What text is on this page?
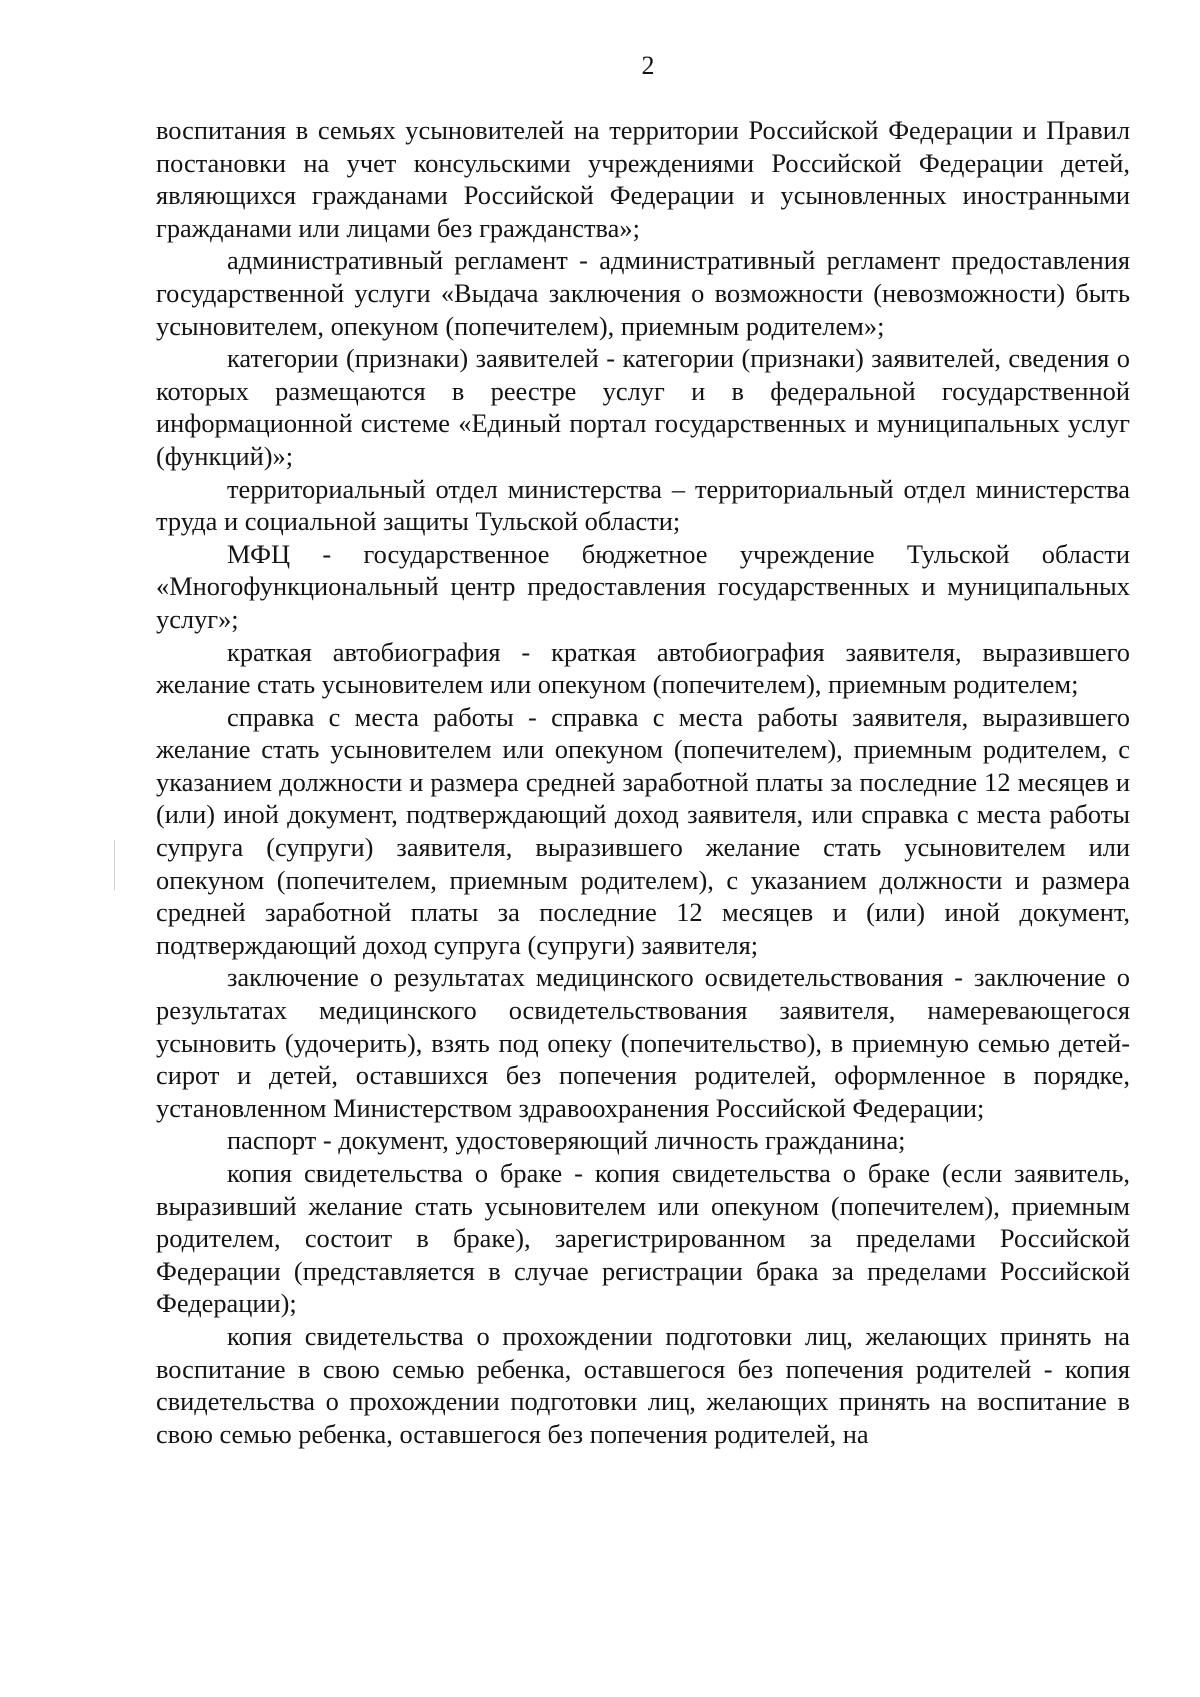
2

воспитания в семьях усыновителей на территории Российской Федерации и Правил постановки на учет консульскими учреждениями Российской Федерации детей, являющихся гражданами Российской Федерации и усыновленных иностранными гражданами или лицами без гражданства»;

административный регламент - административный регламент предоставления государственной услуги «Выдача заключения о возможности (невозможности) быть усыновителем, опекуном (попечителем), приемным родителем»;

категории (признаки) заявителей - категории (признаки) заявителей, сведения о которых размещаются в реестре услуг и в федеральной государственной информационной системе «Единый портал государственных и муниципальных услуг (функций)»;

территориальный отдел министерства – территориальный отдел министерства труда и социальной защиты Тульской области;

МФЦ - государственное бюджетное учреждение Тульской области «Многофункциональный центр предоставления государственных и муниципальных услуг»;

краткая автобиография - краткая автобиография заявителя, выразившего желание стать усыновителем или опекуном (попечителем), приемным родителем;

справка с места работы - справка с места работы заявителя, выразившего желание стать усыновителем или опекуном (попечителем), приемным родителем, с указанием должности и размера средней заработной платы за последние 12 месяцев и (или) иной документ, подтверждающий доход заявителя, или справка с места работы супруга (супруги) заявителя, выразившего желание стать усыновителем или опекуном (попечителем, приемным родителем), с указанием должности и размера средней заработной платы за последние 12 месяцев и (или) иной документ, подтверждающий доход супруга (супруги) заявителя;

заключение о результатах медицинского освидетельствования - заключение о результатах медицинского освидетельствования заявителя, намеревающегося усыновить (удочерить), взять под опеку (попечительство), в приемную семью детей-сирот и детей, оставшихся без попечения родителей, оформленное в порядке, установленном Министерством здравоохранения Российской Федерации;

паспорт - документ, удостоверяющий личность гражданина;

копия свидетельства о браке - копия свидетельства о браке (если заявитель, выразивший желание стать усыновителем или опекуном (попечителем), приемным родителем, состоит в браке), зарегистрированном за пределами Российской Федерации (представляется в случае регистрации брака за пределами Российской Федерации);

копия свидетельства о прохождении подготовки лиц, желающих принять на воспитание в свою семью ребенка, оставшегося без попечения родителей - копия свидетельства о прохождении подготовки лиц, желающих принять на воспитание в свою семью ребенка, оставшегося без попечения родителей, на
